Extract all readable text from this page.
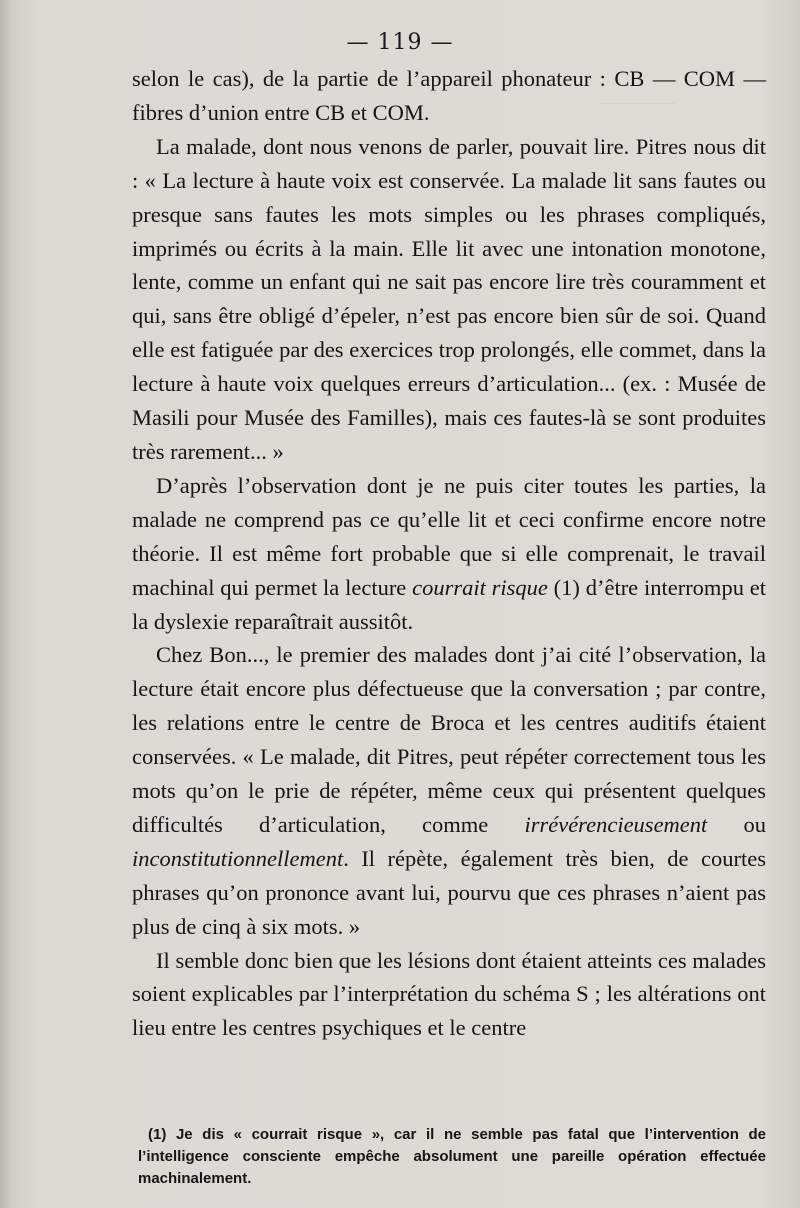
__________
— 119 —

selon le cas), de la partie de l’appareil phonateur : CB — COM — fibres d’union entre CB et COM.

La malade, dont nous venons de parler, pouvait lire. Pitres nous dit : « La lecture à haute voix est conservée. La malade lit sans fautes ou presque sans fautes les mots simples ou les phrases compliqués, imprimés ou écrits à la main. Elle lit avec une intonation monotone, lente, comme un enfant qui ne sait pas encore lire très couramment et qui, sans être obligé d’épeler, n’est pas encore bien sûr de soi. Quand elle est fatiguée par des exercices trop prolongés, elle commet, dans la lecture à haute voix quelques erreurs d’articulation... (ex. : Musée de Masili pour Musée des Familles), mais ces fautes-là se sont produites très rarement... »

D’après l’observation dont je ne puis citer toutes les parties, la malade ne comprend pas ce qu’elle lit et ceci confirme encore notre théorie. Il est même fort probable que si elle comprenait, le travail machinal qui permet la lecture courrait risque (1) d’être interrompu et la dyslexie reparaîtrait aussitôt.

Chez Bon..., le premier des malades dont j’ai cité l’observation, la lecture était encore plus défectueuse que la conversation ; par contre, les relations entre le centre de Broca et les centres auditifs étaient conservées. « Le malade, dit Pitres, peut répéter correctement tous les mots qu’on le prie de répéter, même ceux qui présentent quelques difficultés d’articulation, comme irrévérencieusement ou inconstitutionnellement. Il répète, également très bien, de courtes phrases qu’on prononce avant lui, pourvu que ces phrases n’aient pas plus de cinq à six mots. »

Il semble donc bien que les lésions dont étaient atteints ces malades soient explicables par l’interprétation du schéma S ; les altérations ont lieu entre les centres psychiques et le centre

(1) Je dis « courrait risque », car il ne semble pas fatal que l’intervention de l’intelligence consciente empêche absolument une pareille opération effectuée machinalement.
